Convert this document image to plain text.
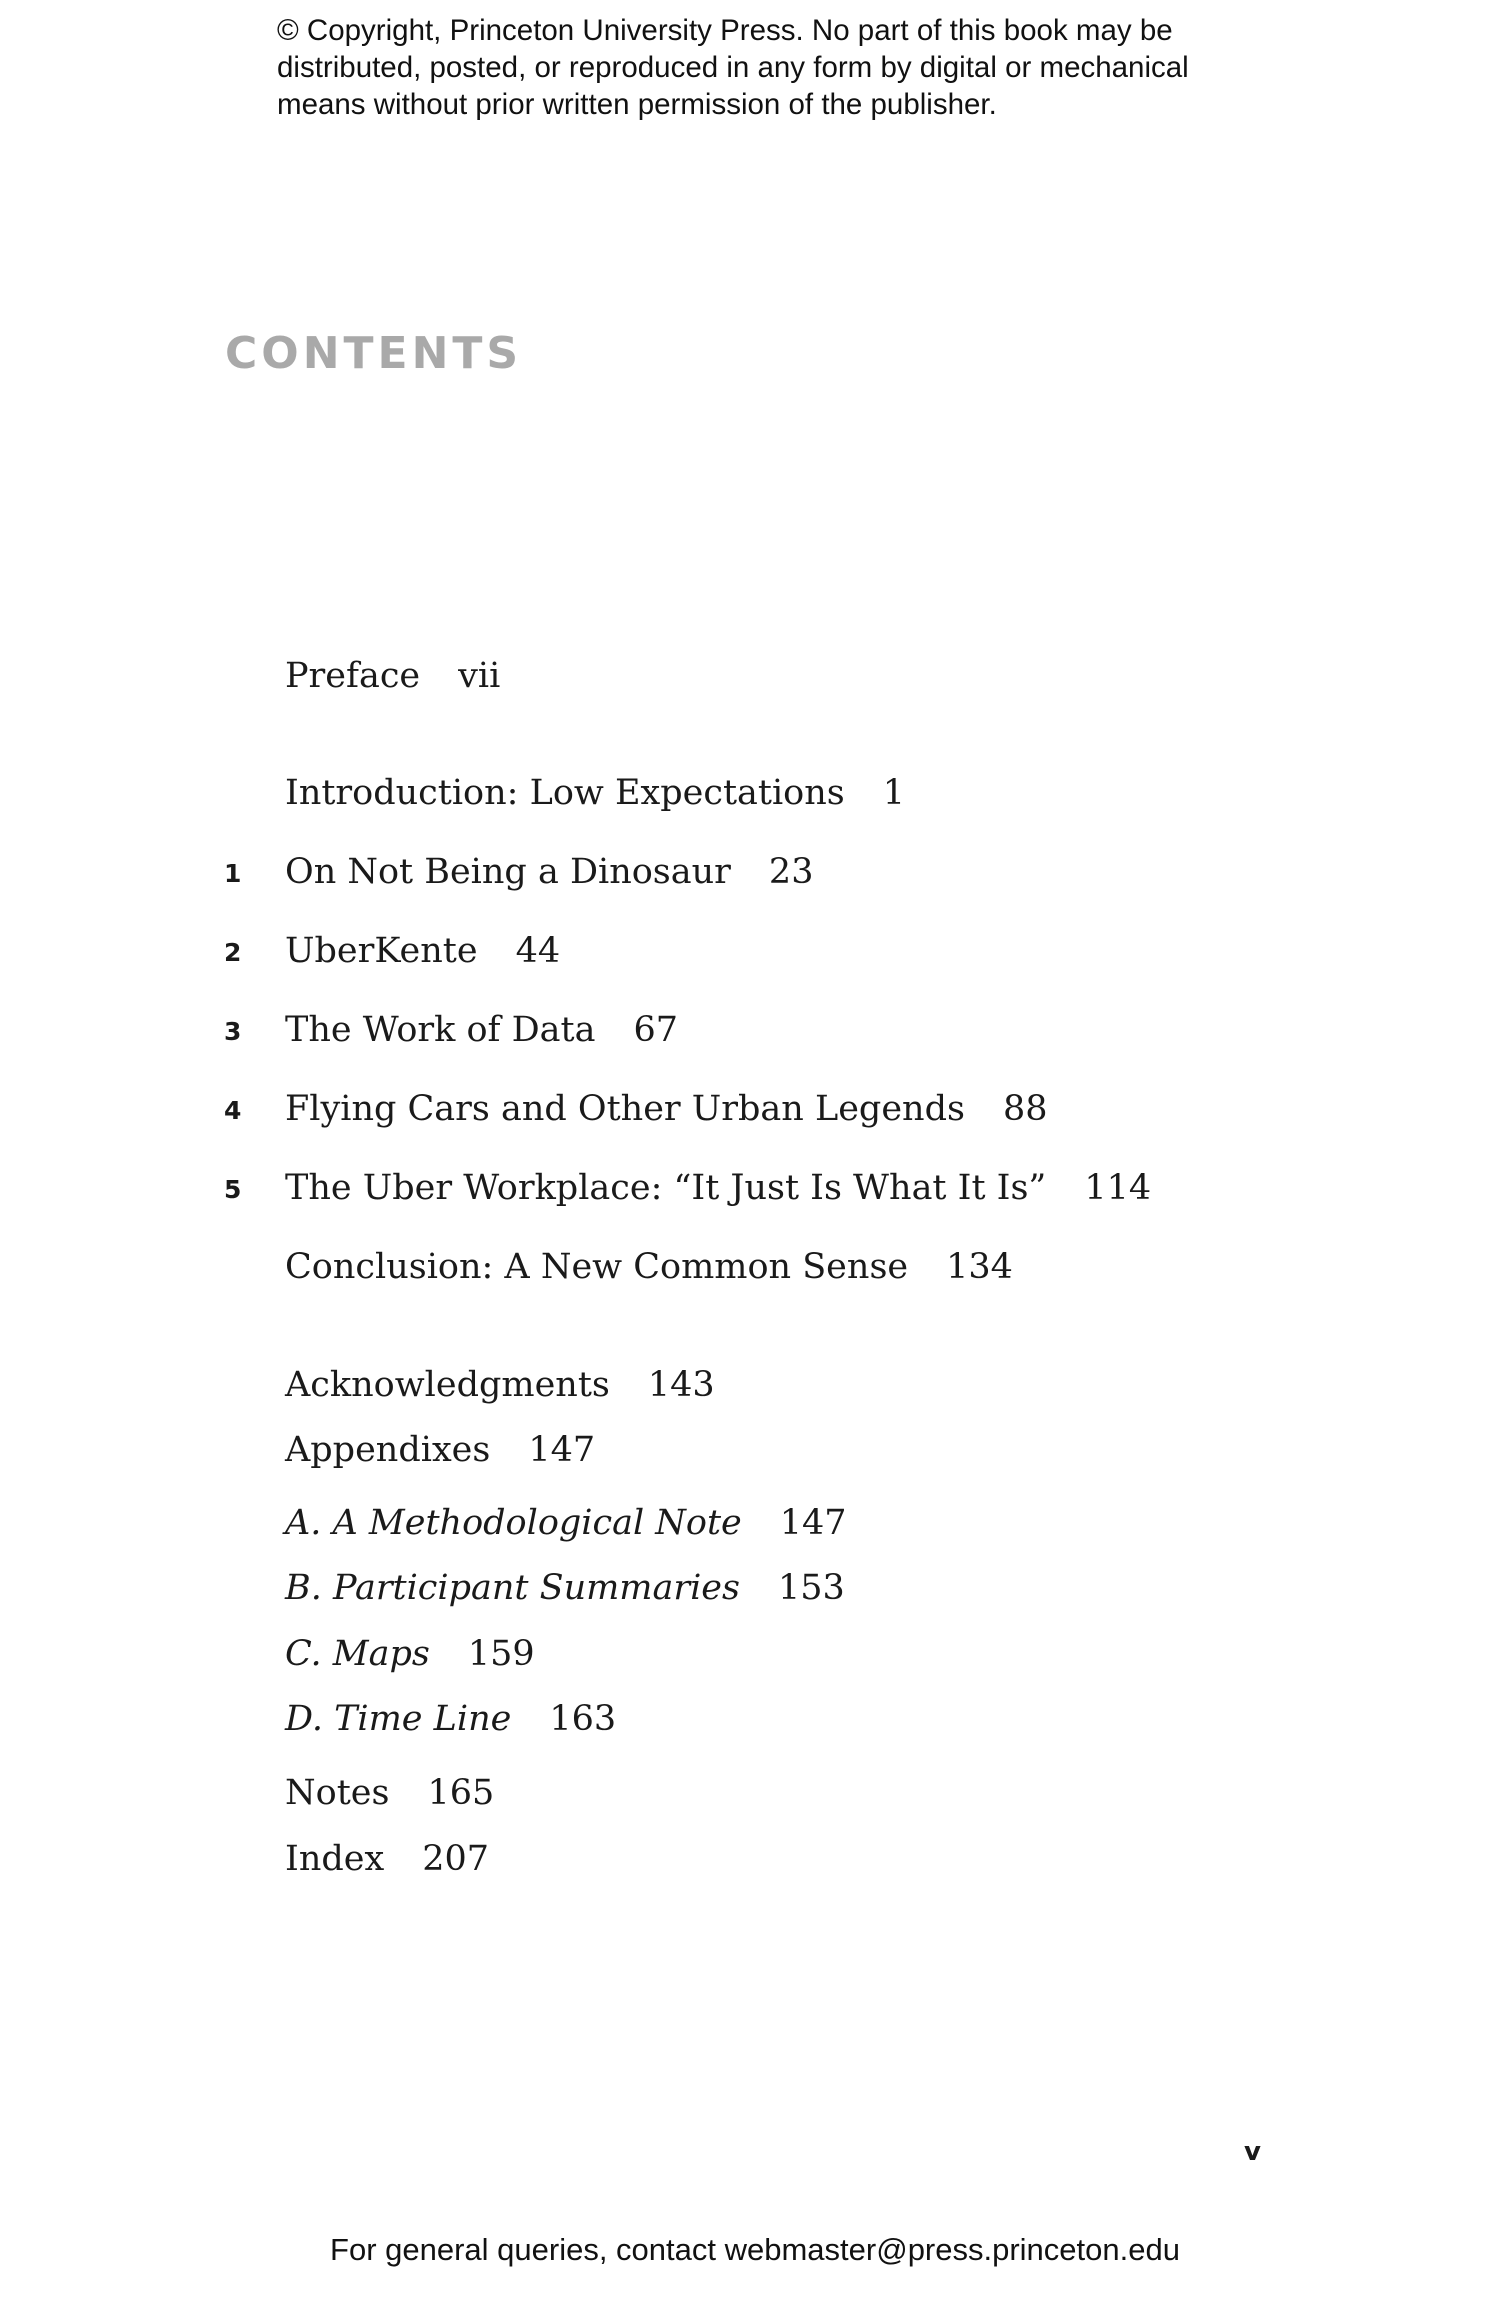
© Copyright, Princeton University Press. No part of this book may be
distributed, posted, or reproduced in any form by digital or mechanical
means without prior written permission of the publisher.
CONTENTS
Preface vii
Introduction: Low Expectations 1
1 On Not Being a Dinosaur 23
2 UberKente 44
3 The Work of Data 67
4 Flying Cars and Other Urban Legends 88
5 The Uber Workplace: “It Just Is What It Is” 114
Conclusion: A New Common Sense 134
Acknowledgments 143
Appendixes 147
A. A Methodological Note 147
B. Participant Summaries 153
C. Maps 159
D. Time Line 163
Notes 165
Index 207
v
For general queries, contact webmaster@press.princeton.edu
